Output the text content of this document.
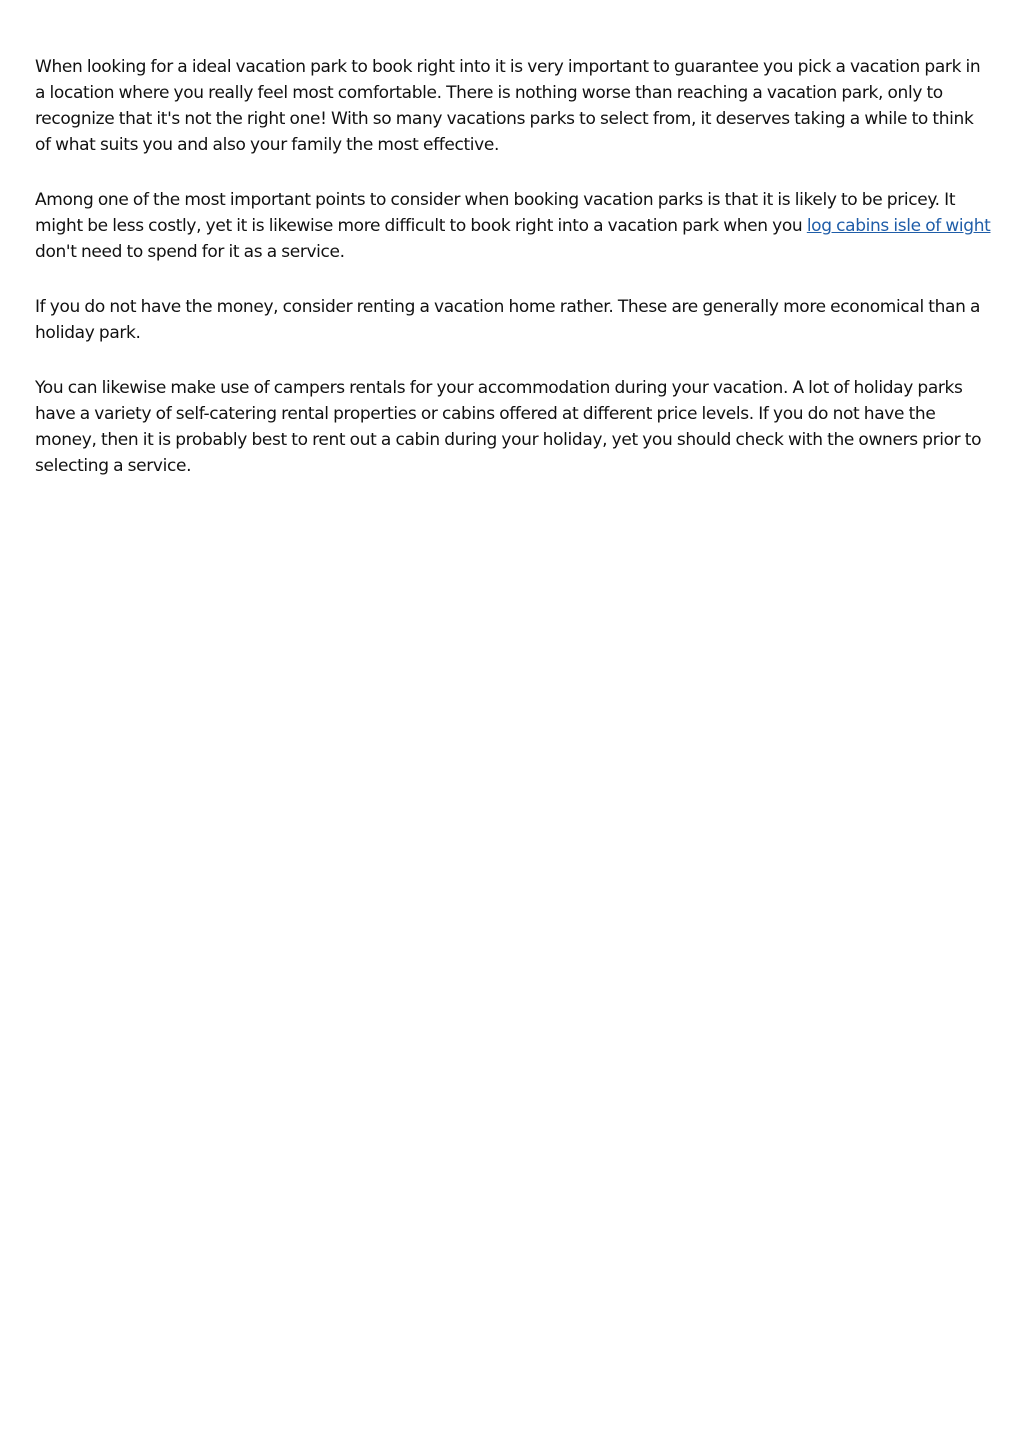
When looking for a ideal vacation park to book right into it is very important to guarantee you pick a vacation park in a location where you really feel most comfortable. There is nothing worse than reaching a vacation park, only to recognize that it's not the right one! With so many vacations parks to select from, it deserves taking a while to think of what suits you and also your family the most effective.

Among one of the most important points to consider when booking vacation parks is that it is likely to be pricey. It might be less costly, yet it is likewise more difficult to book right into a vacation park when you log cabins isle of wight don't need to spend for it as a service.

If you do not have the money, consider renting a vacation home rather. These are generally more economical than a holiday park.

You can likewise make use of campers rentals for your accommodation during your vacation. A lot of holiday parks have a variety of self-catering rental properties or cabins offered at different price levels. If you do not have the money, then it is probably best to rent out a cabin during your holiday, yet you should check with the owners prior to selecting a service.
